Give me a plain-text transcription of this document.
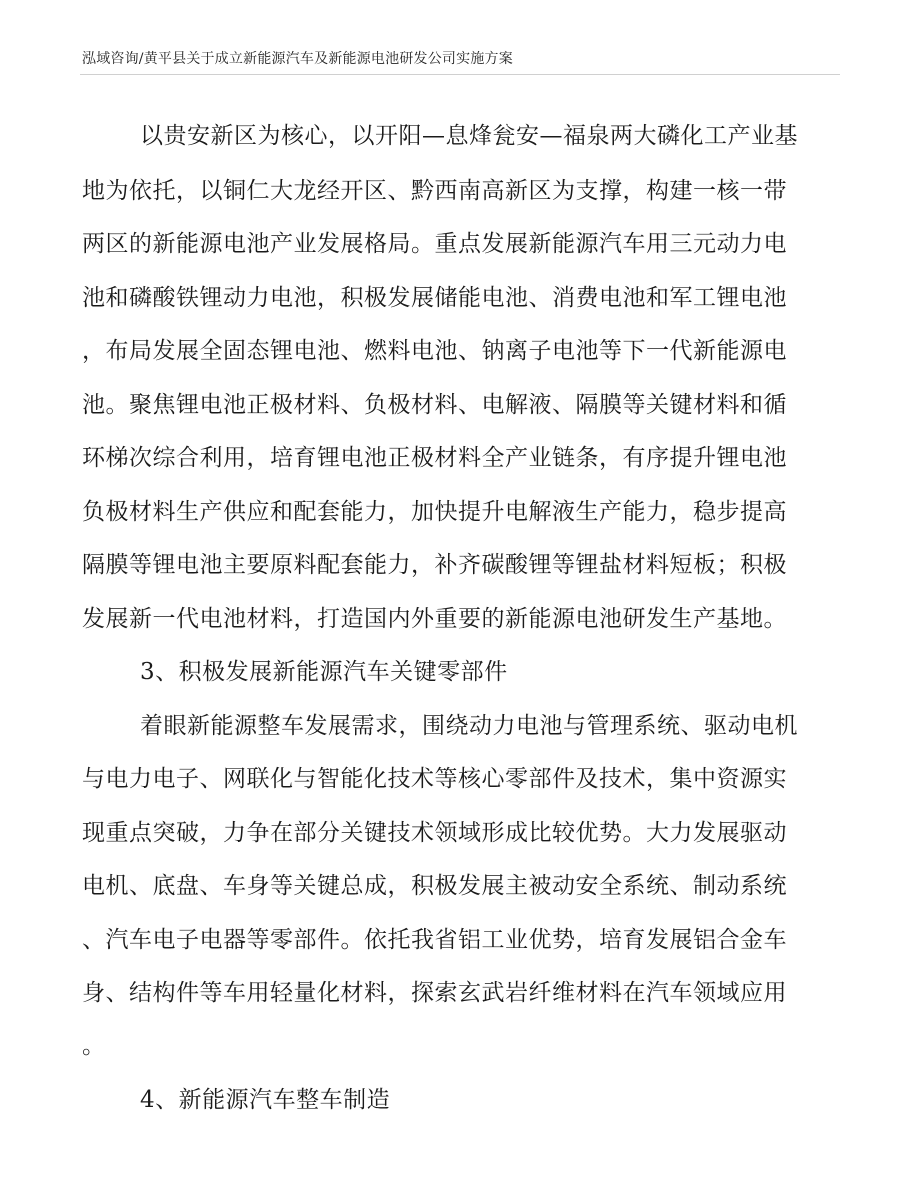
泓域咨询/黄平县关于成立新能源汽车及新能源电池研发公司实施方案
以贵安新区为核心，以开阳—息烽瓮安—福泉两大磷化工产业基
地为依托，以铜仁大龙经开区、黔西南高新区为支撑，构建一核一带
两区的新能源电池产业发展格局。重点发展新能源汽车用三元动力电
池和磷酸铁锂动力电池，积极发展储能电池、消费电池和军工锂电池
，布局发展全固态锂电池、燃料电池、钠离子电池等下一代新能源电
池。聚焦锂电池正极材料、负极材料、电解液、隔膜等关键材料和循
环梯次综合利用，培育锂电池正极材料全产业链条，有序提升锂电池
负极材料生产供应和配套能力，加快提升电解液生产能力，稳步提高
隔膜等锂电池主要原料配套能力，补齐碳酸锂等锂盐材料短板；积极
发展新一代电池材料，打造国内外重要的新能源电池研发生产基地。
3、积极发展新能源汽车关键零部件
着眼新能源整车发展需求，围绕动力电池与管理系统、驱动电机
与电力电子、网联化与智能化技术等核心零部件及技术，集中资源实
现重点突破，力争在部分关键技术领域形成比较优势。大力发展驱动
电机、底盘、车身等关键总成，积极发展主被动安全系统、制动系统
、汽车电子电器等零部件。依托我省铝工业优势，培育发展铝合金车
身、结构件等车用轻量化材料，探索玄武岩纤维材料在汽车领域应用
。
4、新能源汽车整车制造
